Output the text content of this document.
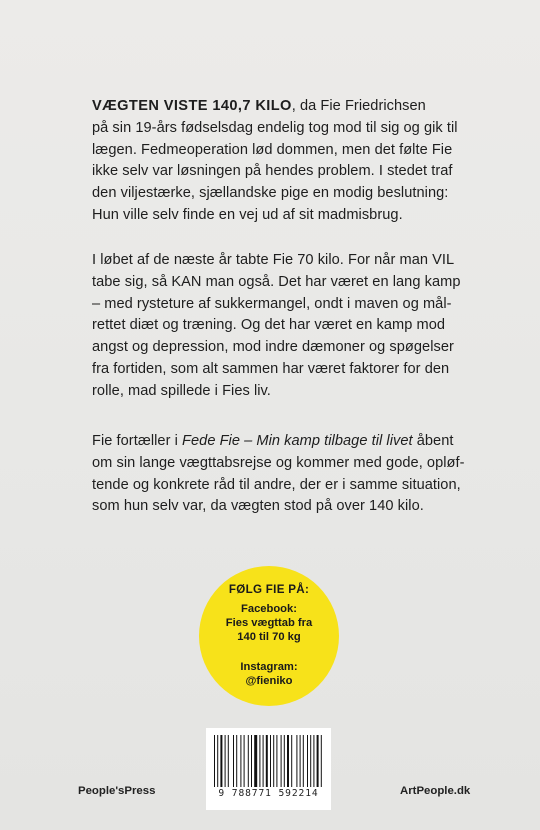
VÆGTEN VISTE 140,7 KILO, da Fie Friedrichsen
på sin 19-års fødselsdag endelig tog mod til sig og gik til
lægen. Fedmeoperation lød dommen, men det følte Fie
ikke selv var løsningen på hendes problem. I stedet traf
den viljestærke, sjællandske pige en modig beslutning:
Hun ville selv finde en vej ud af sit madmisbrug.
I løbet af de næste år tabte Fie 70 kilo. For når man VIL
tabe sig, så KAN man også. Det har været en lang kamp
– med rysteture af sukkermangel, ondt i maven og mål-
rettet diæt og træning. Og det har været en kamp mod
angst og depression, mod indre dæmoner og spøgelser
fra fortiden, som alt sammen har været faktorer for den
rolle, mad spillede i Fies liv.
Fie fortæller i Fede Fie – Min kamp tilbage til livet åbent
om sin lange vægttabsrejse og kommer med gode, opløf-
tende og konkrete råd til andre, der er i samme situation,
som hun selv var, da vægten stod på over 140 kilo.
FØLG FIE PÅ:
Facebook:
Fies vægttab fra
140 til 70 kg
Instagram:
@fieniko
9 788771 592214
People'sPress	ArtPeople.dk
